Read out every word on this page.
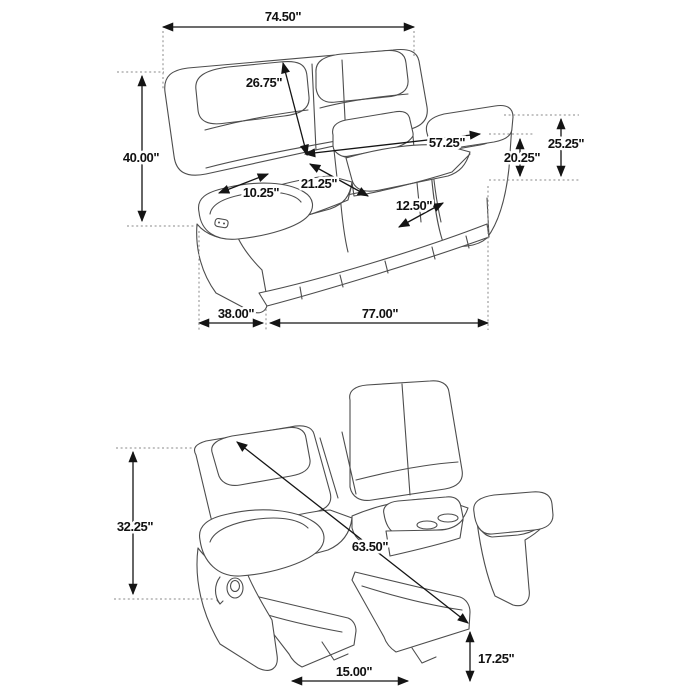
74.50"
40.00"
26.75"
57.25"
20.25"
25.25"
10.25"
21.25"
12.50"
38.00"	77.00"
32.25"
63.50"
15.00"
17.25"
